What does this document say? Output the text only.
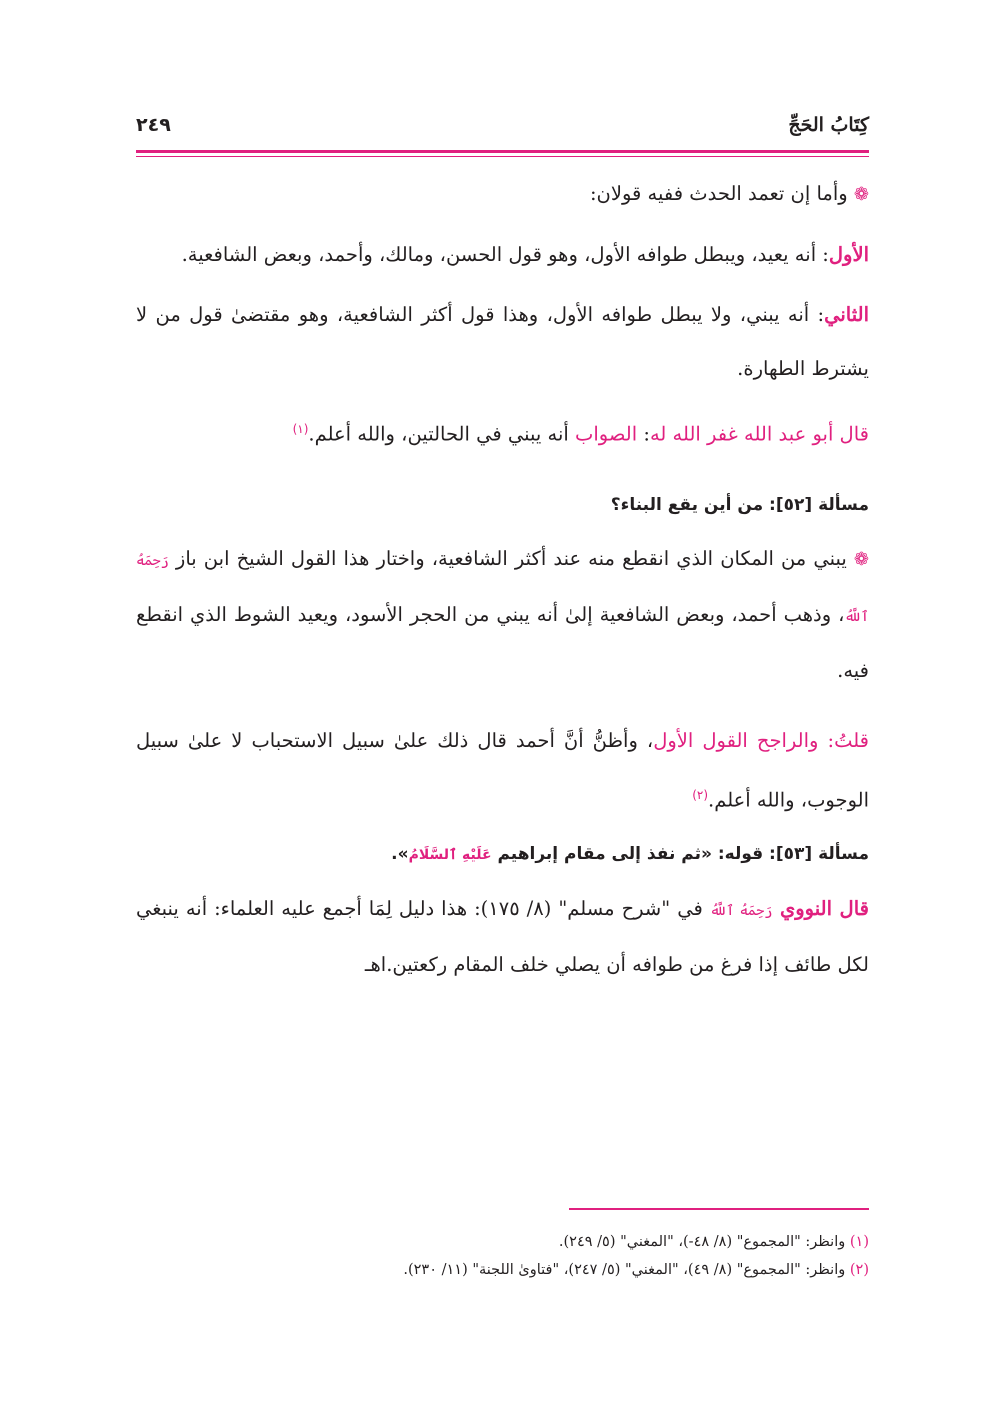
كِتَابُ الحَجِّ
٢٤٩

❁ وأما إن تعمد الحدث ففيه قولان:

الأول: أنه يعيد، ويبطل طوافه الأول، وهو قول الحسن، ومالك، وأحمد، وبعض الشافعية.

الثاني: أنه يبني، ولا يبطل طوافه الأول، وهذا قول أكثر الشافعية، وهو مقتضىٰ قول من لا يشترط الطهارة.

قال أبو عبد الله غفر الله له: الصواب أنه يبني في الحالتين، والله أعلم.$^{(١)}$

مسألة [٥٢]: من أين يقع البناء؟

❁ يبني من المكان الذي انقطع منه عند أكثر الشافعية، واختار هذا القول الشيخ ابن باز رَحِمَهُ ٱللَّهُ، وذهب أحمد، وبعض الشافعية إلىٰ أنه يبني من الحجر الأسود، ويعيد الشوط الذي انقطع فيه.

قلتُ: والراجح القول الأول، وأظنُّ أنَّ أحمد قال ذلك علىٰ سبيل الاستحباب لا علىٰ سبيل الوجوب، والله أعلم.$^{(٢)}$

مسألة [٥٣]: قوله: «ثم نفذ إلى مقام إبراهيم عَلَيْهِ ٱلسَّلَامُ».

قال النووي رَحِمَهُ ٱللَّهُ في "شرح مسلم" (٨/ ١٧٥): هذا دليل لِمَا أجمع عليه العلماء: أنه ينبغي لكل طائف إذا فرغ من طوافه أن يصلي خلف المقام ركعتين.اهـ

(١) وانظر: "المجموع" (٨/ ٤٨-)، "المغني" (٥/ ٢٤٩).

(٢) وانظر: "المجموع" (٨/ ٤٩)، "المغني" (٥/ ٢٤٧)، "فتاوىٰ اللجنة" (١١/ ٢٣٠).
